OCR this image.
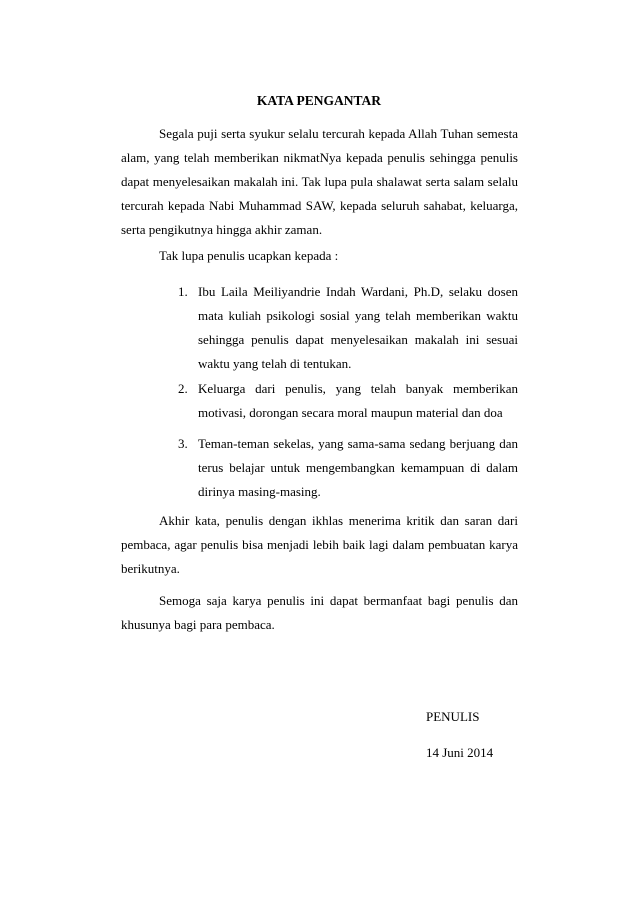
KATA PENGANTAR

Segala puji serta syukur selalu tercurah kepada Allah Tuhan semesta alam, yang telah memberikan nikmatNya kepada penulis sehingga penulis dapat menyelesaikan makalah ini. Tak lupa pula shalawat serta salam selalu tercurah kepada Nabi Muhammad SAW, kepada seluruh sahabat, keluarga, serta pengikutnya hingga akhir zaman.

Tak lupa penulis ucapkan kepada :

1. Ibu Laila Meiliyandrie Indah Wardani, Ph.D, selaku dosen mata kuliah psikologi sosial yang telah memberikan waktu sehingga penulis dapat menyelesaikan makalah ini sesuai waktu yang telah di tentukan.

2. Keluarga dari penulis, yang telah banyak memberikan motivasi, dorongan secara moral maupun material dan doa

3. Teman-teman sekelas, yang sama-sama sedang berjuang dan terus belajar untuk mengembangkan kemampuan di dalam dirinya masing-masing.

Akhir kata, penulis dengan ikhlas menerima kritik dan saran dari pembaca, agar penulis bisa menjadi lebih baik lagi dalam pembuatan karya berikutnya.

Semoga saja karya penulis ini dapat bermanfaat bagi penulis dan khusunya bagi para pembaca.

PENULIS

14 Juni 2014
